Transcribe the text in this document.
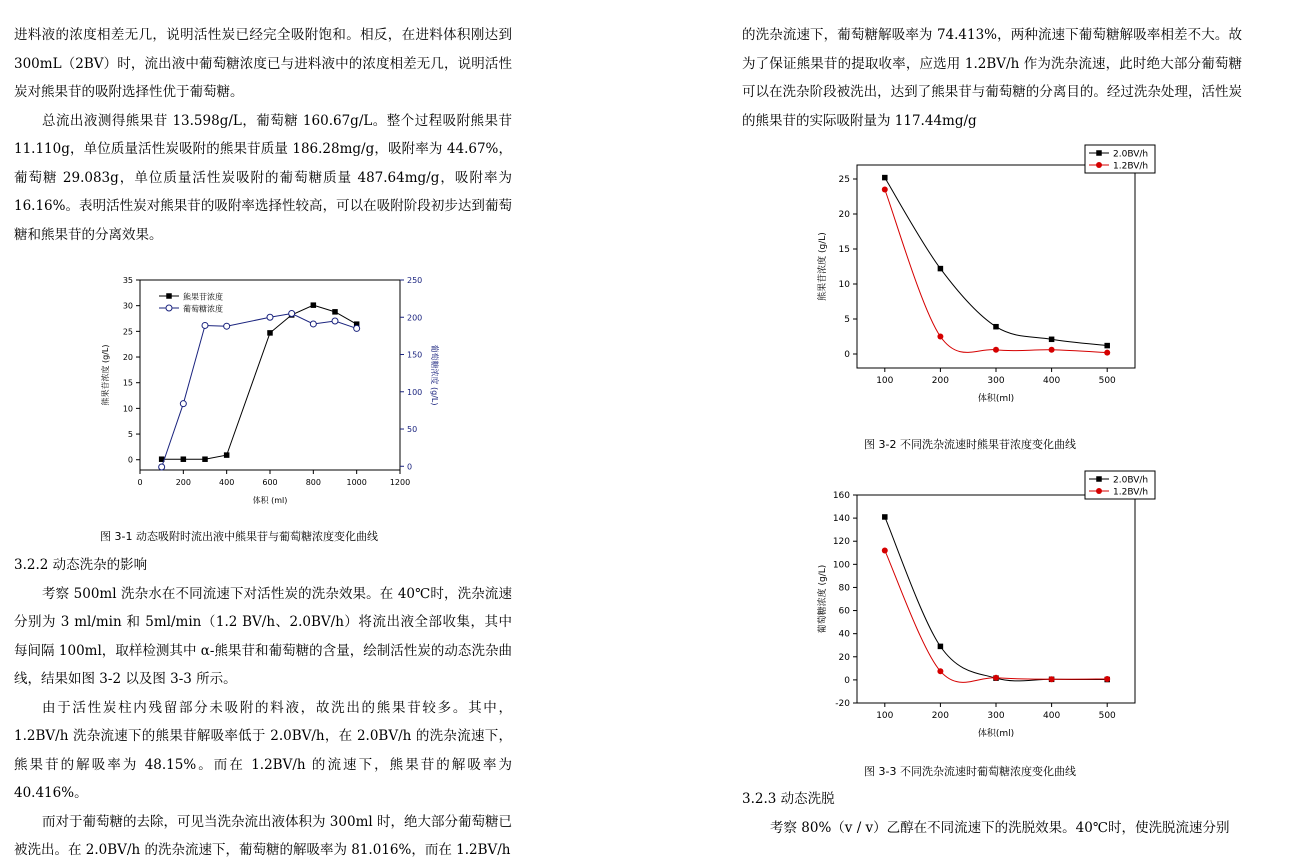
进料液的浓度相差无几，说明活性炭已经完全吸附饱和。相反，在进料体积刚达到 300mL（2BV）时，流出液中葡萄糖浓度已与进料液中的浓度相差无几，说明活性炭对熊果苷的吸附选择性优于葡萄糖。

总流出液测得熊果苷 13.598g/L，葡萄糖 160.67g/L。整个过程吸附熊果苷 11.110g，单位质量活性炭吸附的熊果苷质量 186.28mg/g，吸附率为 44.67%，葡萄糖 29.083g，单位质量活性炭吸附的葡萄糖质量 487.64mg/g，吸附率为 16.16%。表明活性炭对熊果苷的吸附率选择性较高，可以在吸附阶段初步达到葡萄糖和熊果苷的分离效果。

0	200	400	600	800	1000	1200
0
5
10
15
20
25
30
35
0
50
100
150
200
250
葡萄糖浓度 (g/L)
体积 (ml)
熊果苷浓度 (g/L)
熊果苷浓度
葡萄糖浓度
图 3-1 动态吸附时流出液中熊果苷与葡萄糖浓度变化曲线

3.2.2 动态洗杂的影响

考察 500ml 洗杂水在不同流速下对活性炭的洗杂效果。在 40℃时，洗杂流速分别为 3 ml/min 和 5ml/min（1.2 BV/h、2.0BV/h）将流出液全部收集，其中每间隔 100ml，取样检测其中 α-熊果苷和葡萄糖的含量，绘制活性炭的动态洗杂曲线，结果如图 3-2 以及图 3-3 所示。

由于活性炭柱内残留部分未吸附的料液，故洗出的熊果苷较多。其中，1.2BV/h 洗杂流速下的熊果苷解吸率低于 2.0BV/h，在 2.0BV/h 的洗杂流速下，熊果苷的解吸率为 48.15%。而在 1.2BV/h 的流速下，熊果苷的解吸率为 40.416%。

而对于葡萄糖的去除，可见当洗杂流出液体积为 300ml 时，绝大部分葡萄糖已被洗出。在 2.0BV/h 的洗杂流速下，葡萄糖的解吸率为 81.016%，而在 1.2BV/h

的洗杂流速下，葡萄糖解吸率为 74.413%，两种流速下葡萄糖解吸率相差不大。故为了保证熊果苷的提取收率，应选用 1.2BV/h 作为洗杂流速，此时绝大部分葡萄糖可以在洗杂阶段被洗出，达到了熊果苷与葡萄糖的分离目的。经过洗杂处理，活性炭的熊果苷的实际吸附量为 117.44mg/g

100	200	300	400	500
0
5
10
15
20
25
体积(ml)
熊果苷浓度 (g/L)
2.0BV/h
1.2BV/h
图 3-2 不同洗杂流速时熊果苷浓度变化曲线
100	200	300	400	500
-20
0
20
40
60
80
100
120
140
160
体积(ml)
葡萄糖浓度 (g/L)
2.0BV/h
1.2BV/h
图 3-3 不同洗杂流速时葡萄糖浓度变化曲线

3.2.3 动态洗脱

考察 80%（v / v）乙醇在不同流速下的洗脱效果。40℃时，使洗脱流速分别
